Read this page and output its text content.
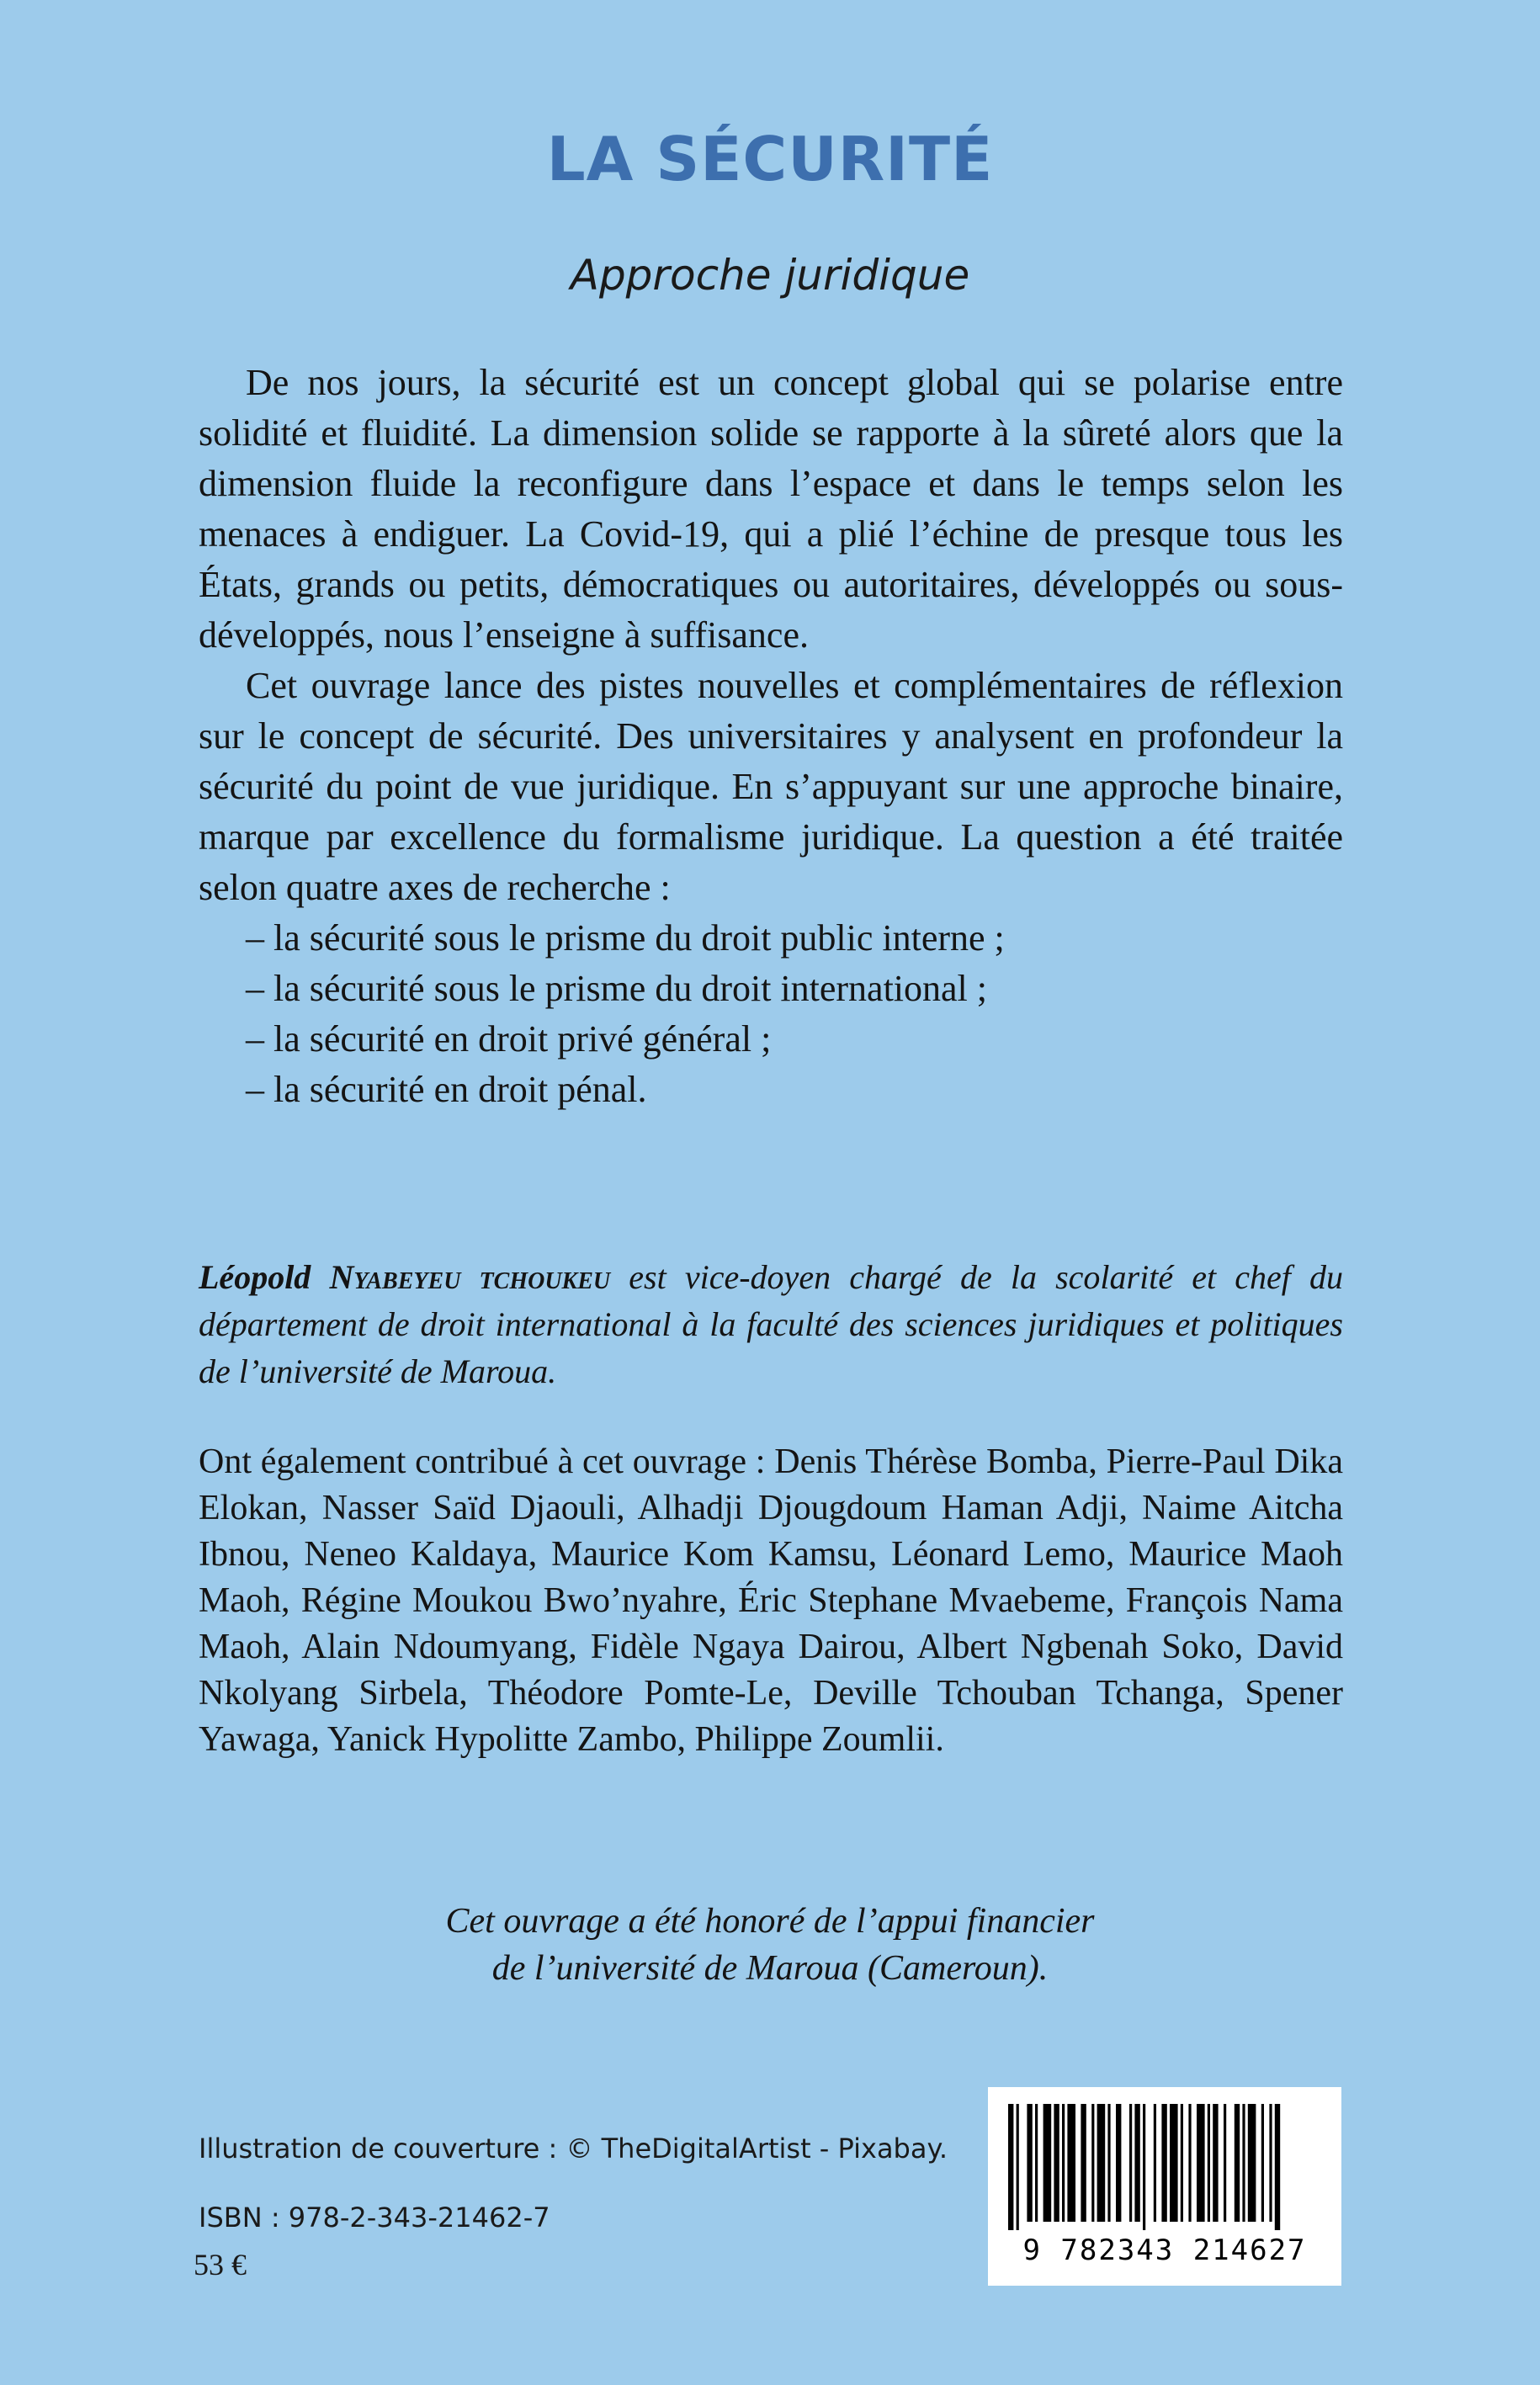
LA SÉCURITÉ
Approche juridique

De nos jours, la sécurité est un concept global qui se polarise entre solidité et fluidité. La dimension solide se rapporte à la sûreté alors que la dimension fluide la reconfigure dans l’espace et dans le temps selon les menaces à endiguer. La Covid-19, qui a plié l’échine de presque tous les États, grands ou petits, démocratiques ou autoritaires, développés ou sous-développés, nous l’enseigne à suffisance.

Cet ouvrage lance des pistes nouvelles et complémentaires de réflexion sur le concept de sécurité. Des universitaires y analysent en profondeur la sécurité du point de vue juridique. En s’appuyant sur une approche binaire, marque par excellence du formalisme juridique. La question a été traitée selon quatre axes de recherche :

– la sécurité sous le prisme du droit public interne ;
– la sécurité sous le prisme du droit international ;
– la sécurité en droit privé général ;
– la sécurité en droit pénal.

Léopold Nyabeyeu tchoukeu est vice-doyen chargé de la scolarité et chef du département de droit international à la faculté des sciences juridiques et politiques de l’université de Maroua.

Ont également contribué à cet ouvrage : Denis Thérèse Bomba, Pierre-Paul Dika Elokan, Nasser Saïd Djaouli, Alhadji Djougdoum Haman Adji, Naime Aitcha Ibnou, Neneo Kaldaya, Maurice Kom Kamsu, Léonard Lemo, Maurice Maoh Maoh, Régine Moukou Bwo’nyahre, Éric Stephane Mvaebeme, François Nama Maoh, Alain Ndoumyang, Fidèle Ngaya Dairou, Albert Ngbenah Soko, David Nkolyang Sirbela, Théodore Pomte-Le, Deville Tchouban Tchanga, Spener Yawaga, Yanick Hypolitte Zambo, Philippe Zoumlii.

Cet ouvrage a été honoré de l’appui financier
de l’université de Maroua (Cameroun).
Illustration de couverture : © TheDigitalArtist - Pixabay.
ISBN : 978-2-343-21462-7
53 €	9 782343 214627
